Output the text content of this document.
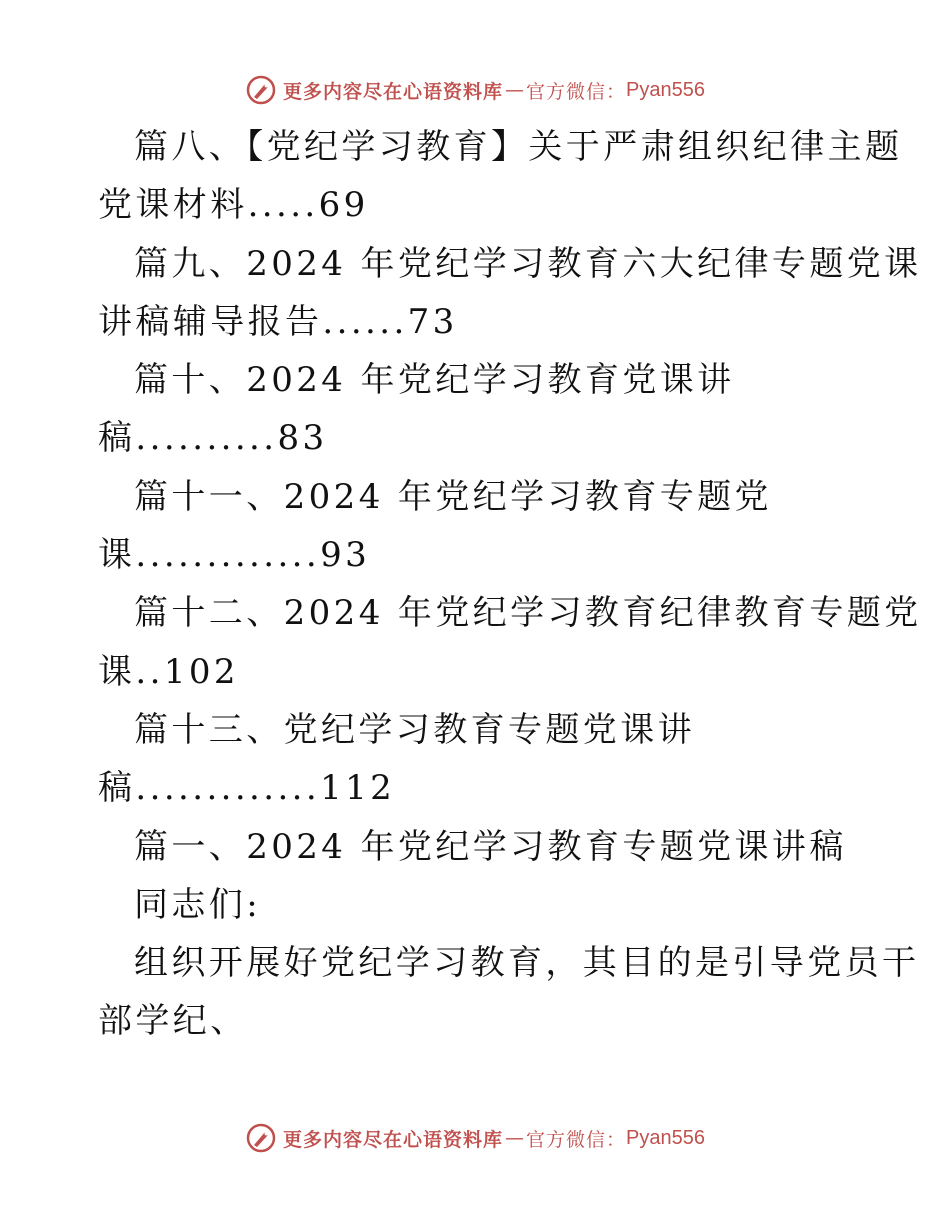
更多内容尽在心语资料库 — 官方微信： Pyan556
篇八、【党纪学习教育】关于严肃组织纪律主题
党课材料.....69
篇九、2024 年党纪学习教育六大纪律专题党课
讲稿辅导报告......73
篇十、2024 年党纪学习教育党课讲
稿..........83
篇十一、2024 年党纪学习教育专题党
课.............93
篇十二、2024 年党纪学习教育纪律教育专题党
课..102
篇十三、党纪学习教育专题党课讲
稿.............112
篇一、2024 年党纪学习教育专题党课讲稿
同志们:
组织开展好党纪学习教育，其目的是引导党员干
部学纪、
更多内容尽在心语资料库 — 官方微信： Pyan556
